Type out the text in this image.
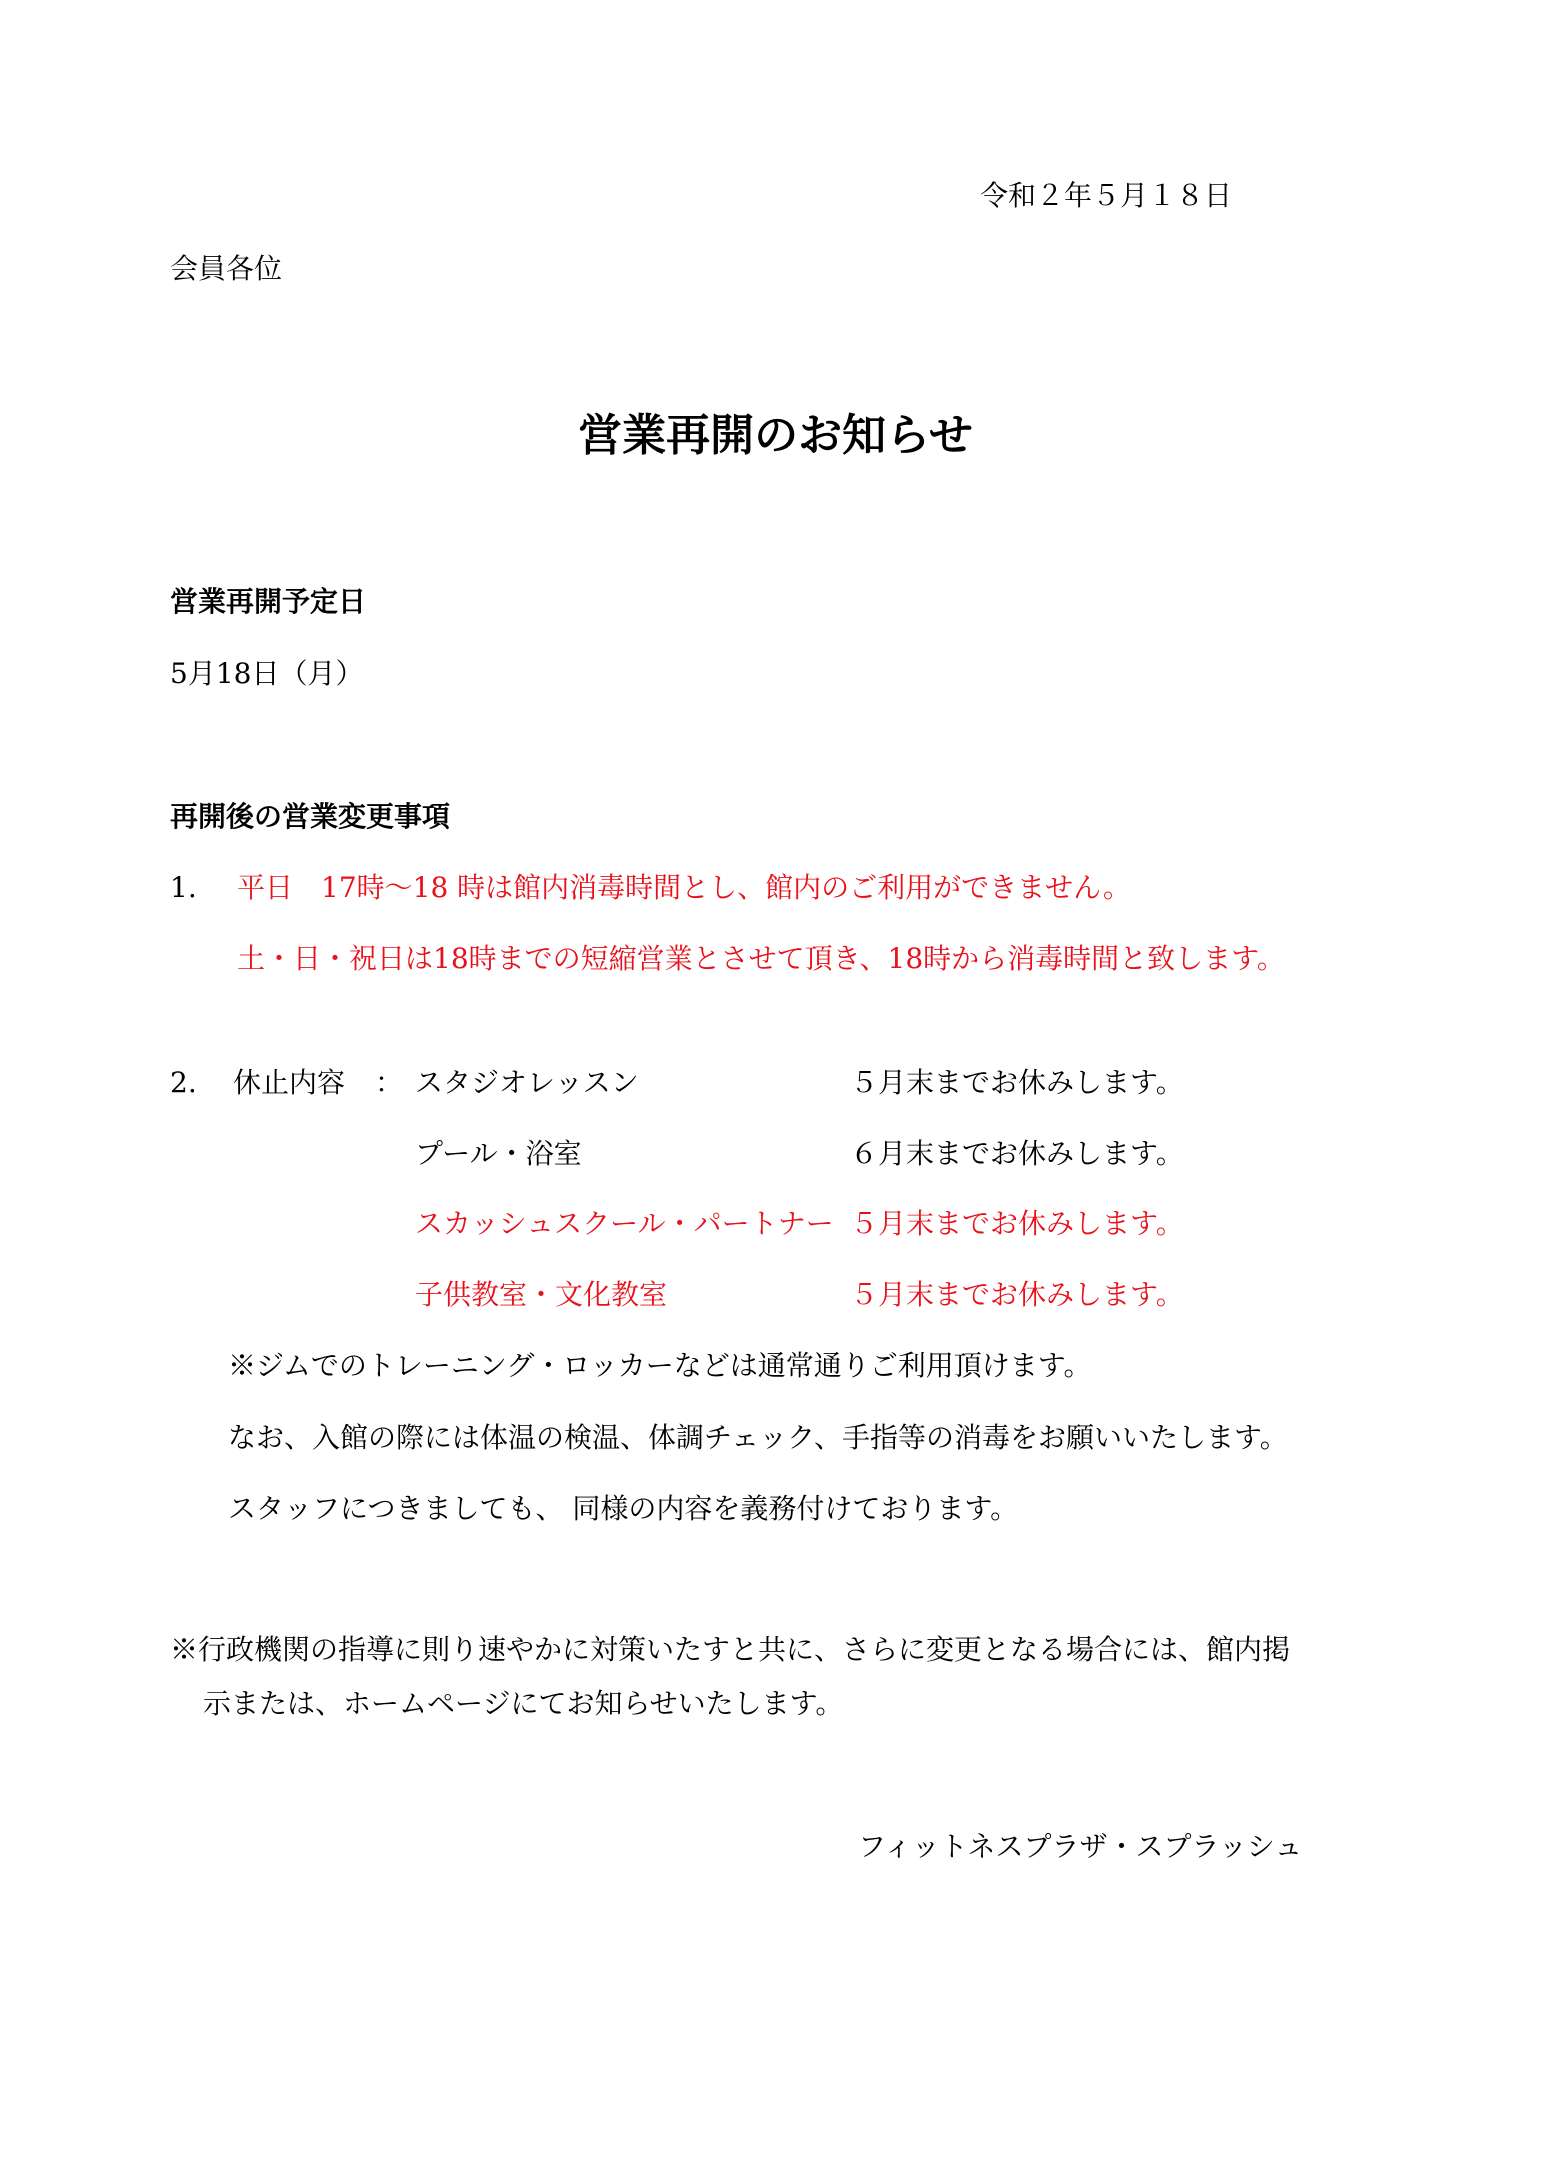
令和２年５月１８日
会員各位
営業再開のお知らせ
営業再開予定日
5月18日（月）
再開後の営業変更事項
1. 平日　17時～18 時は館内消毒時間とし、館内のご利用ができません。
土・日・祝日は18時までの短縮営業とさせて頂き、18時から消毒時間と致します。
2. 休止内容 ： スタジオレッスン	５月末までお休みします。
プール・浴室	６月末までお休みします。
スカッシュスクール・パートナー ５月末までお休みします。
子供教室・文化教室	５月末までお休みします。
※ジムでのトレーニング・ロッカーなどは通常通りご利用頂けます。
なお、入館の際には体温の検温、体調チェック、手指等の消毒をお願いいたします。
スタッフにつきましても、 同様の内容を義務付けております。
※行政機関の指導に則り速やかに対策いたすと共に、さらに変更となる場合には、館内掲
示または、ホームページにてお知らせいたします。
フィットネスプラザ・スプラッシュ
